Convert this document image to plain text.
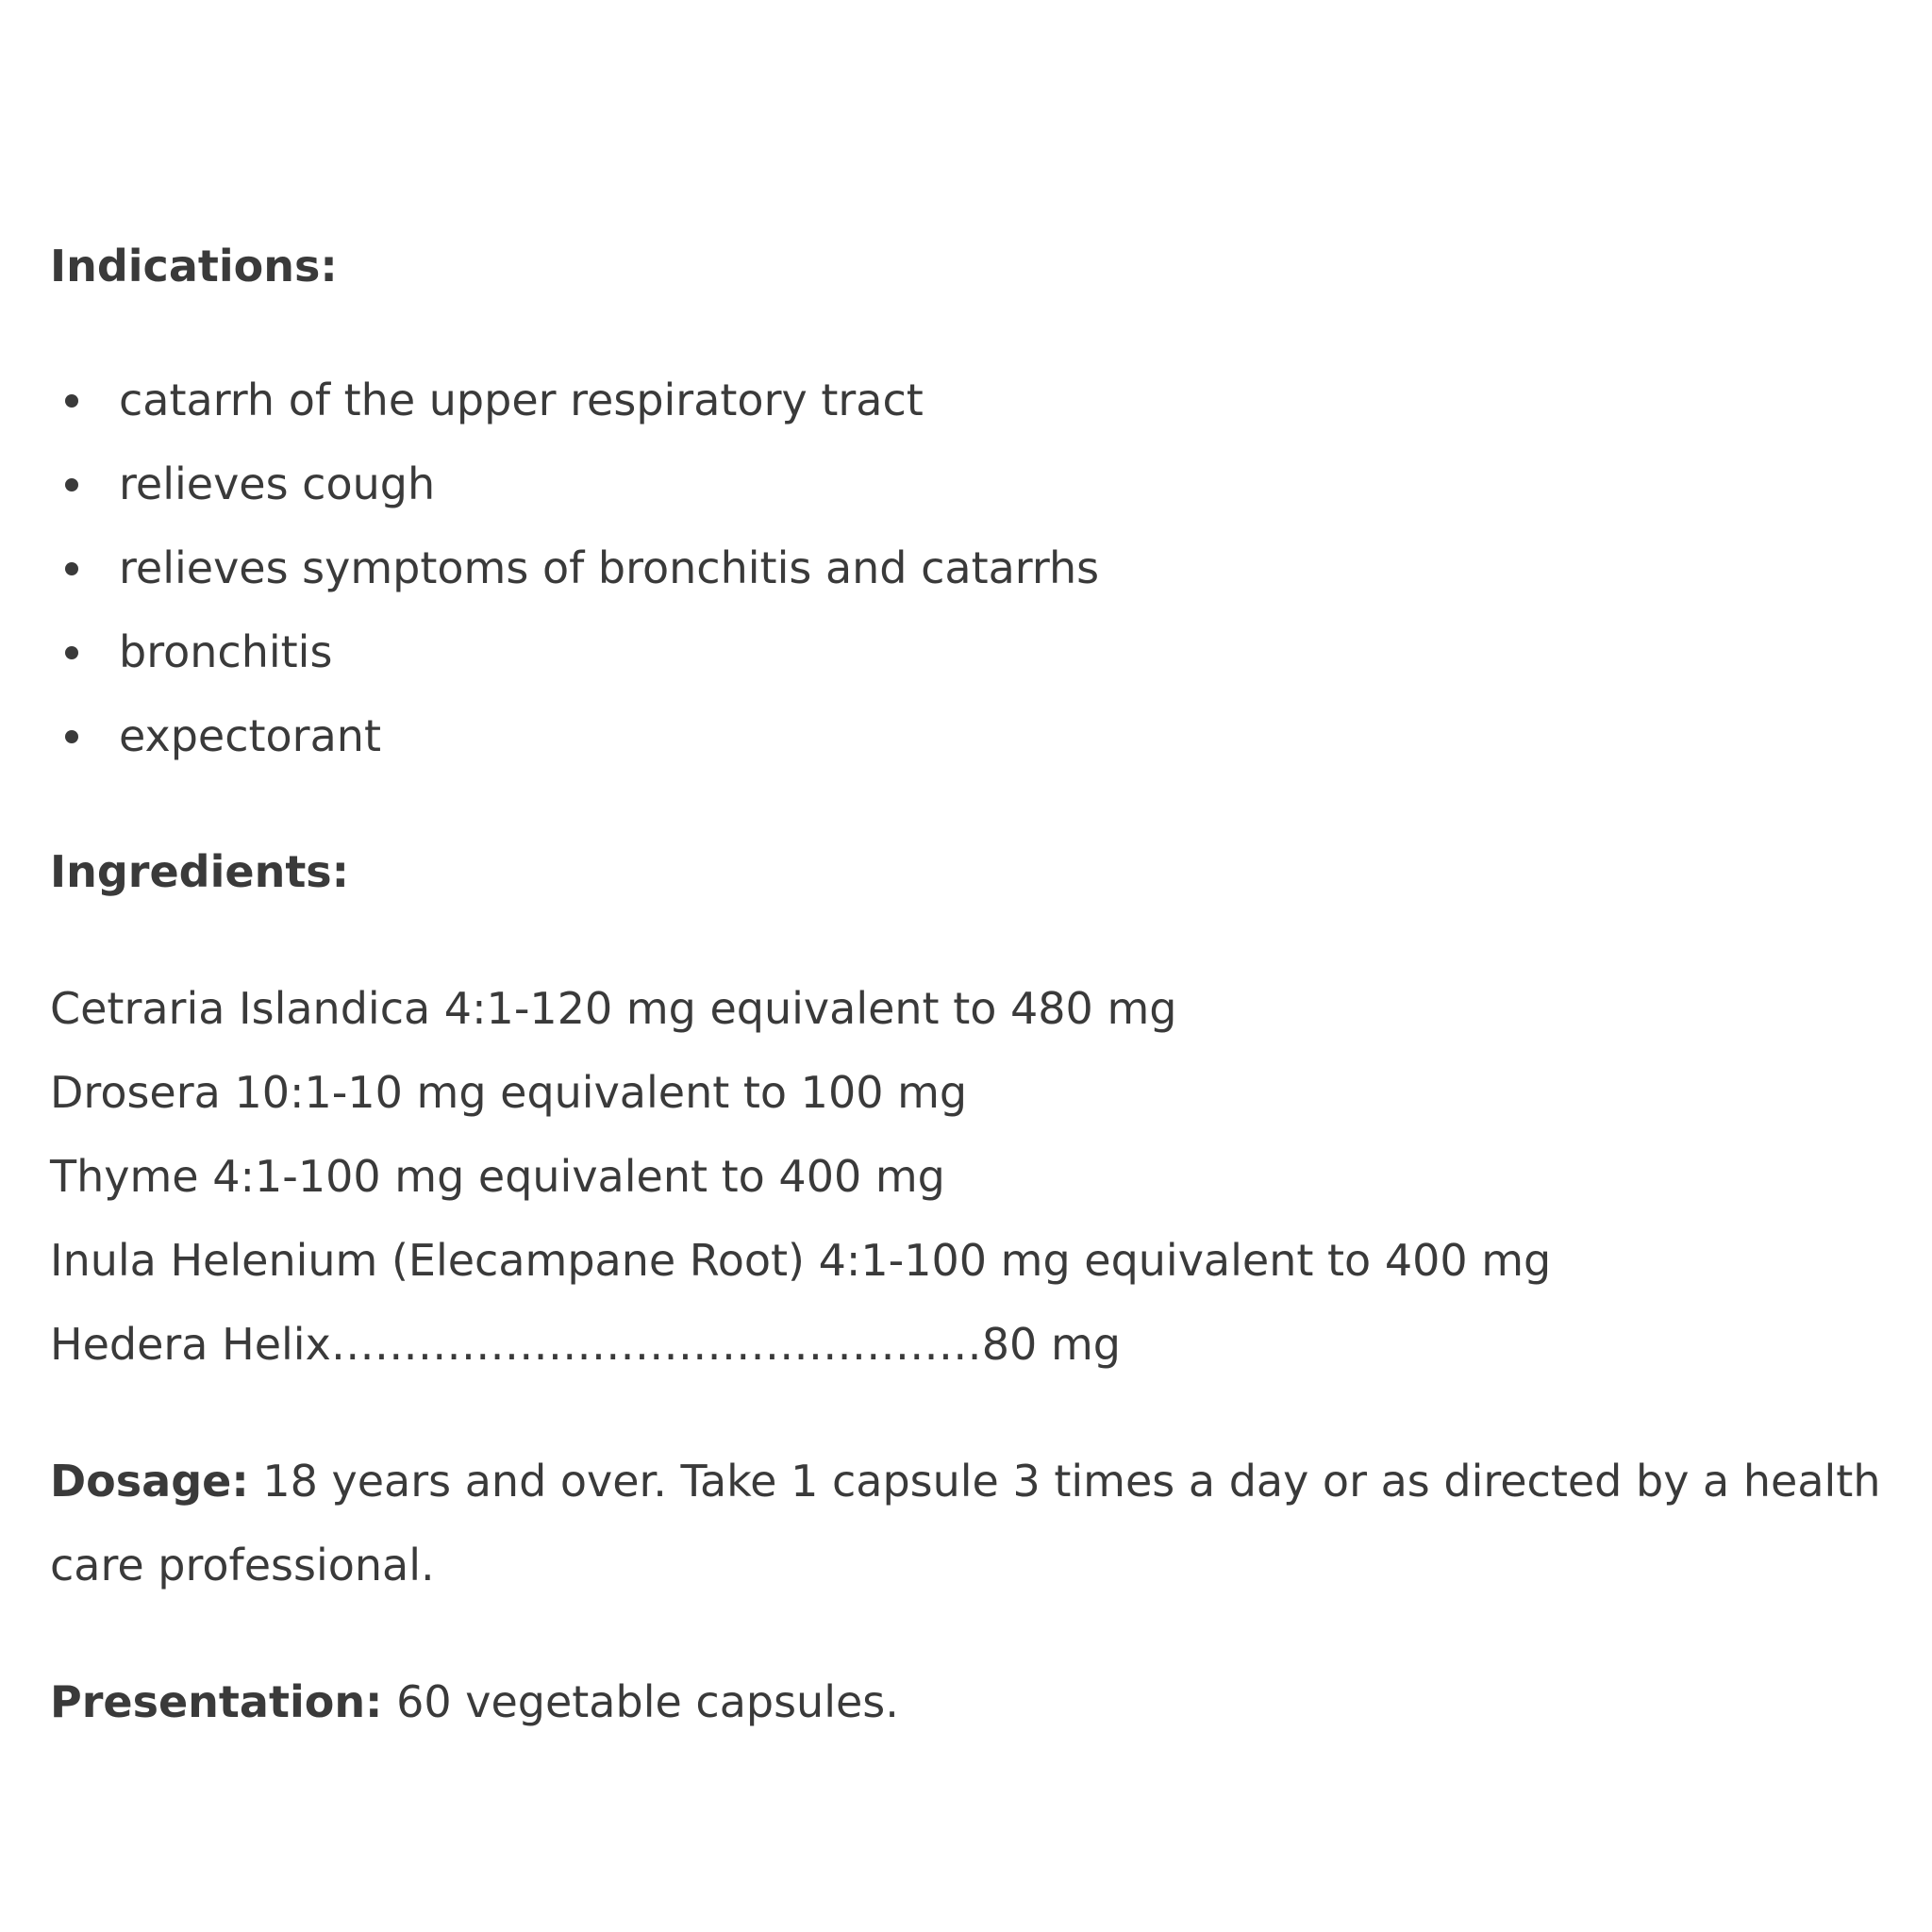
Indications:

catarrh of the upper respiratory tract
relieves cough
relieves symptoms of bronchitis and catarrhs
bronchitis
expectorant

Ingredients:

Cetraria Islandica 4:1-120 mg equivalent to 480 mg
Drosera 10:1-10 mg equivalent to 100 mg
Thyme 4:1-100 mg equivalent to 400 mg
Inula Helenium (Elecampane Root) 4:1-100 mg equivalent to 400 mg
Hedera Helix………………………………………80 mg

Dosage: 18 years and over. Take 1 capsule 3 times a day or as directed by a health care professional.

Presentation: 60 vegetable capsules.
